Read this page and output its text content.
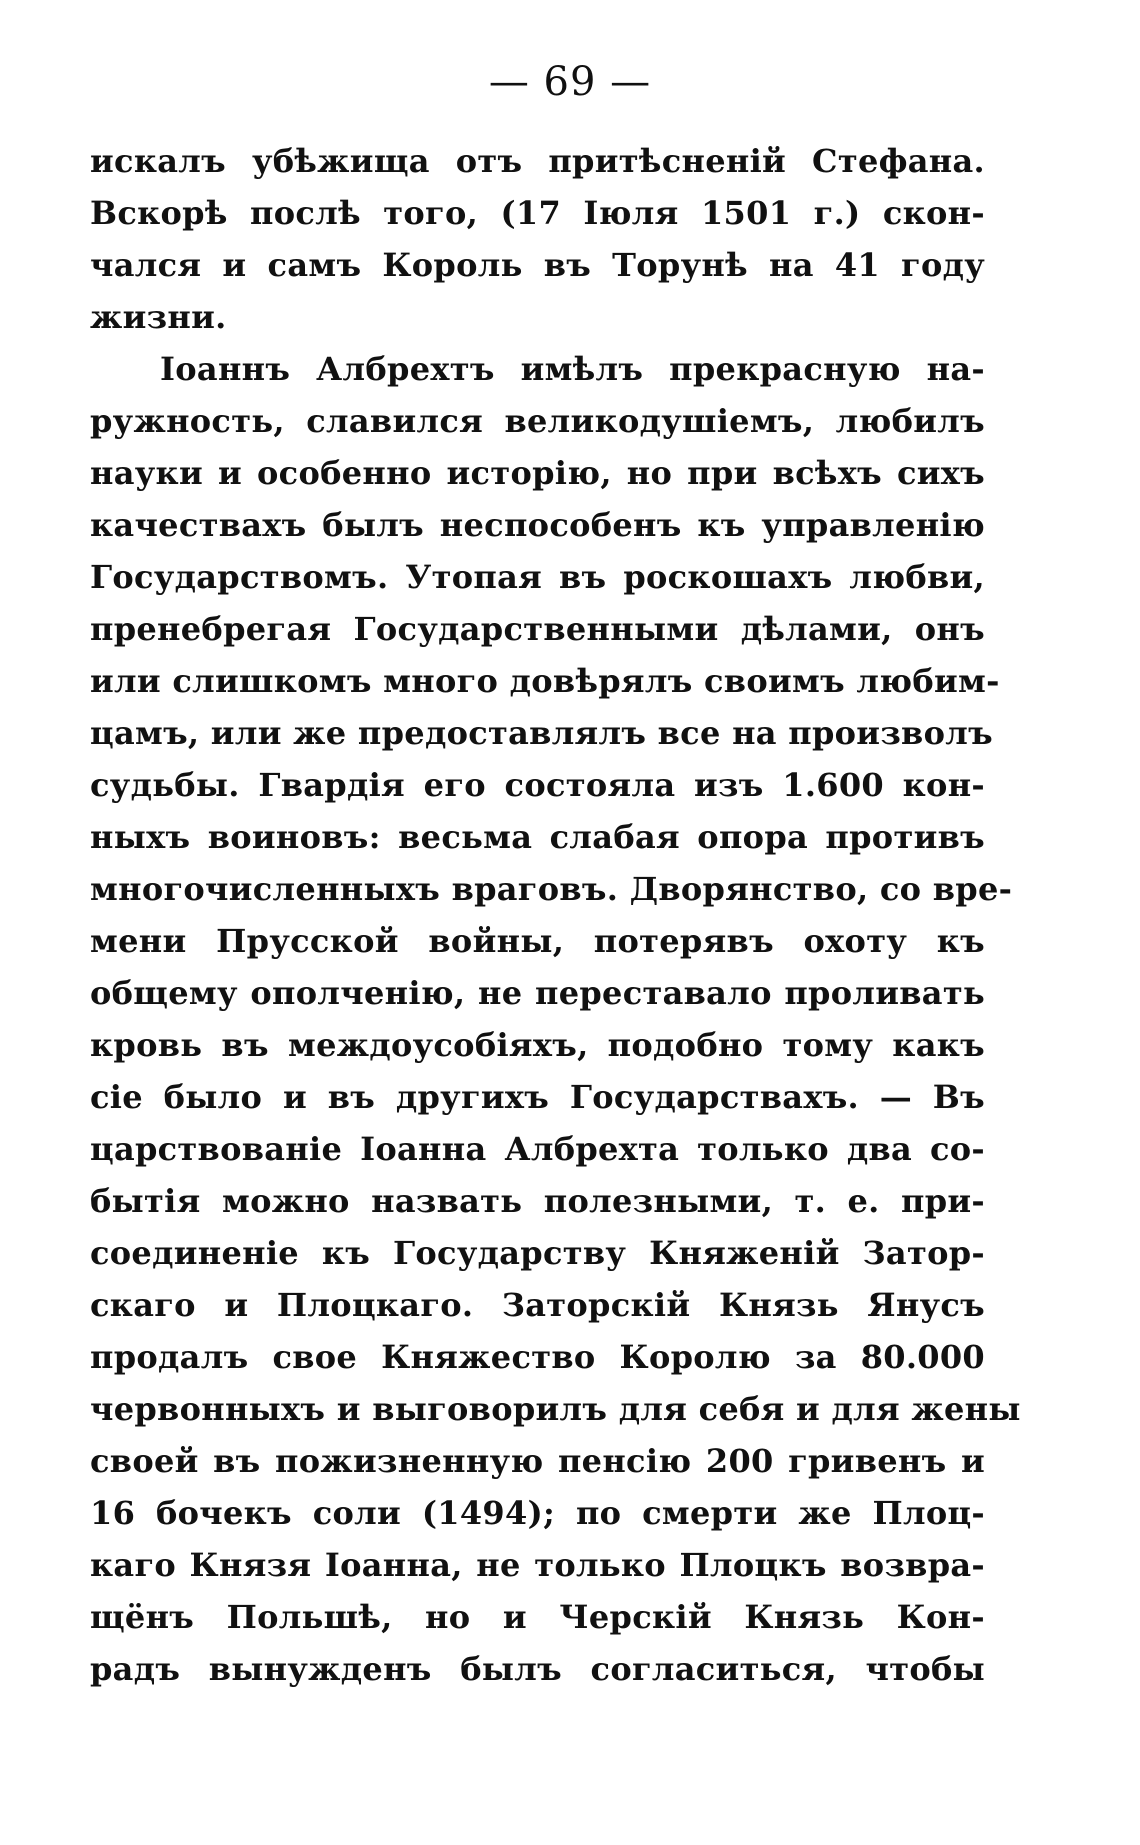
— 69 —
искалъ убѣжища отъ притѣсненій Стефана.
Вскорѣ послѣ того, (17 Іюля 1501 г.) скон-
чался и самъ Король въ Торунѣ на 41 году
жизни.
Іоаннъ Албрехтъ имѣлъ прекрасную на-
ружность, славился великодушіемъ, любилъ
науки и особенно исторію, но при всѣхъ сихъ
качествахъ былъ неспособенъ къ управленію
Государствомъ. Утопая въ роскошахъ любви,
пренебрегая Государственными дѣлами, онъ
или слишкомъ много довѣрялъ своимъ любим-
цамъ, или же предоставлялъ все на произволъ
судьбы. Гвардія его состояла изъ 1.600 кон-
ныхъ воиновъ: весьма слабая опора противъ
многочисленныхъ враговъ. Дворянство, со вре-
мени Прусской войны, потерявъ охоту къ
общему ополченію, не переставало проливать
кровь въ междоусобіяхъ, подобно тому какъ
сіе было и въ другихъ Государствахъ. — Въ
царствованіе Іоанна Албрехта только два со-
бытія можно назвать полезными, т. е. при-
соединеніе къ Государству Княженій Затор-
скаго и Плоцкаго. Заторскій Князь Янусъ
продалъ свое Княжество Королю за 80.000
червонныхъ и выговорилъ для себя и для жены
своей въ пожизненную пенсію 200 гривенъ и
16 бочекъ соли (1494); по смерти же Плоц-
каго Князя Іоанна, не только Плоцкъ возвра-
щёнъ Польшѣ, но и Черскій Князь Кон-
радъ вынужденъ былъ согласиться, чтобы
